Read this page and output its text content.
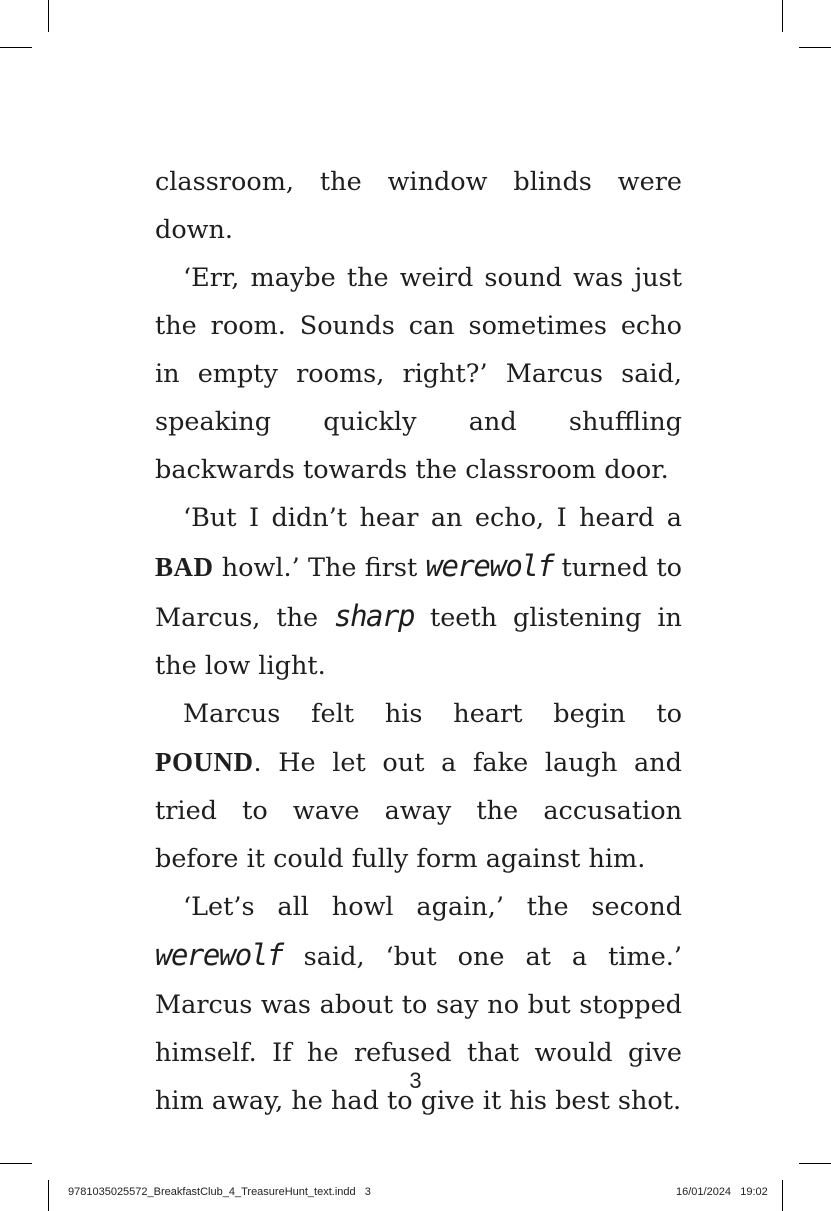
classroom, the window blinds were down.

‘Err, maybe the weird sound was just the room. Sounds can sometimes echo in empty rooms, right?’ Marcus said, speaking quickly and shuffling backwards towards the classroom door.

‘But I didn’t hear an echo, I heard a BAD howl.’ The first werewolf turned to Marcus, the sharp teeth glistening in the low light.

Marcus felt his heart begin to POUND. He let out a fake laugh and tried to wave away the accusation before it could fully form against him.

‘Let’s all howl again,’ the second werewolf said, ‘but one at a time.’ Marcus was about to say no but stopped himself. If he refused that would give him away, he had to give it his best shot.

3
9781035025572_BreakfastClub_4_TreasureHunt_text.indd   3	16/01/2024   19:02
